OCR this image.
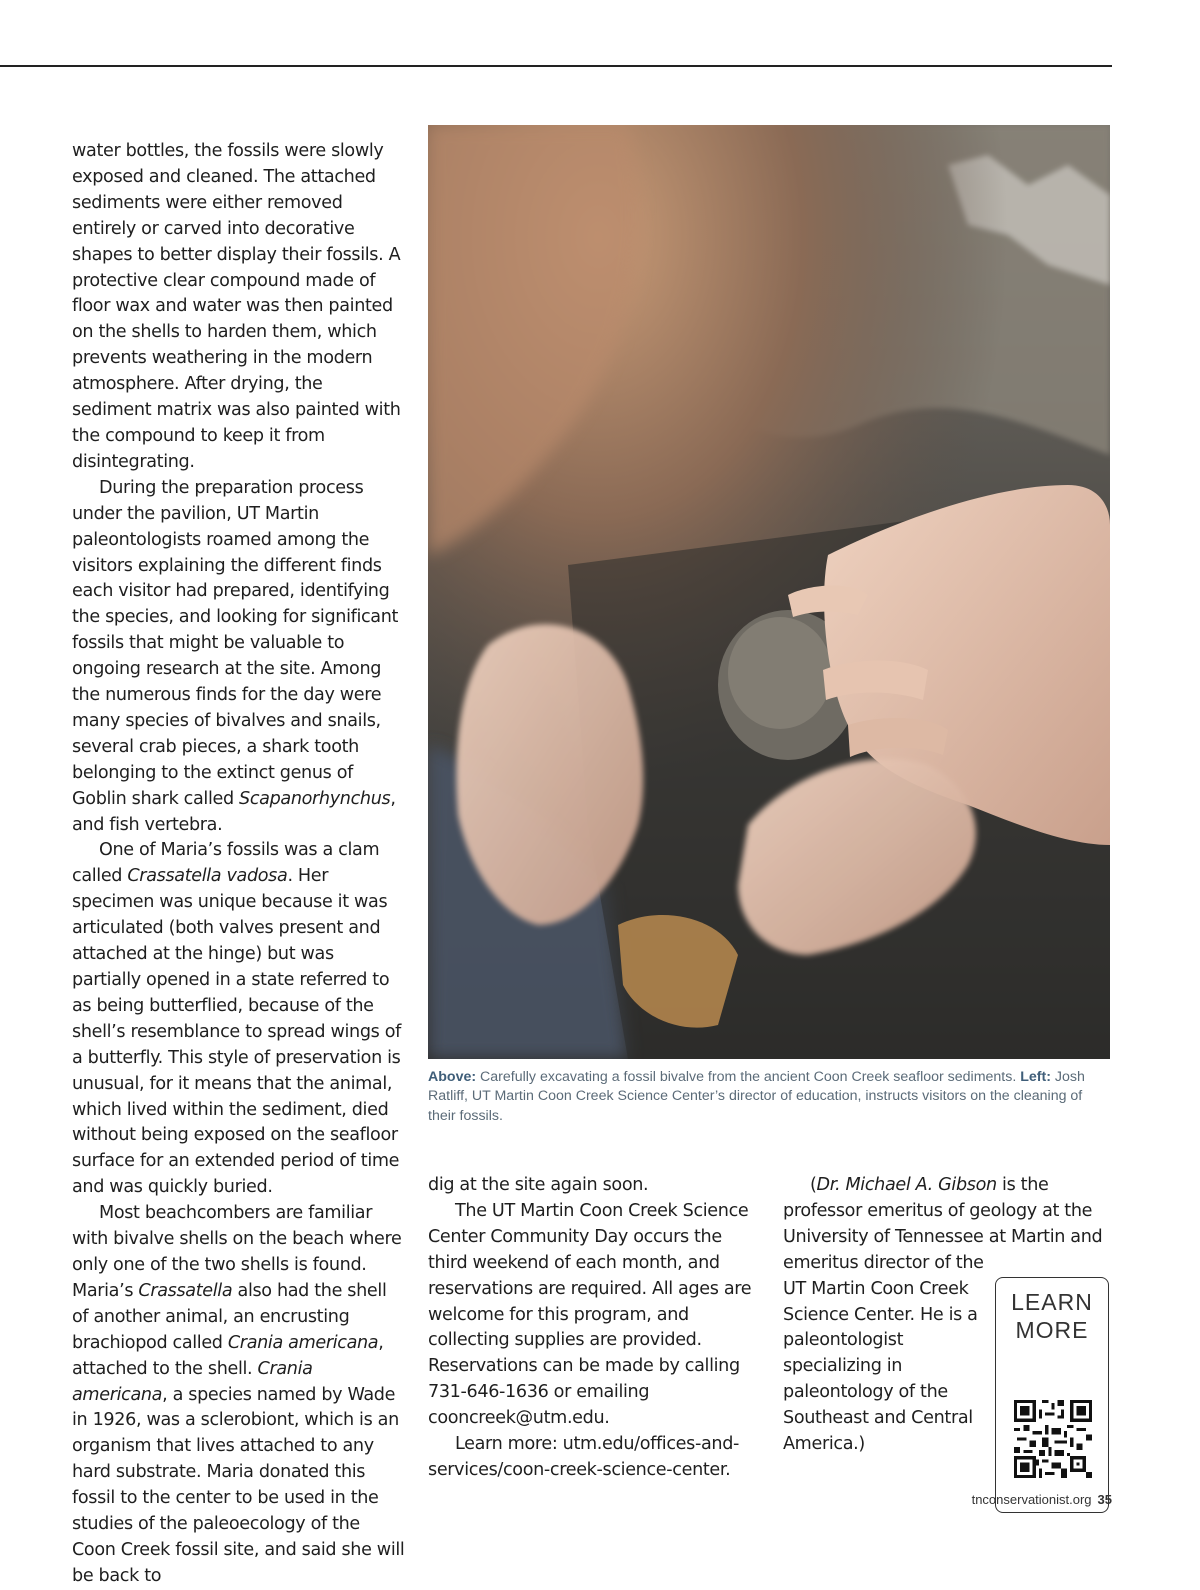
water bottles, the fossils were slowly exposed and cleaned. The attached sediments were either removed entirely or carved into decorative shapes to better display their fossils. A protective clear compound made of floor wax and water was then painted on the shells to harden them, which prevents weathering in the modern atmosphere. After drying, the sediment matrix was also painted with the compound to keep it from disintegrating.

During the preparation process under the pavilion, UT Martin paleontologists roamed among the visitors explaining the different finds each visitor had prepared, identifying the species, and looking for significant fossils that might be valuable to ongoing research at the site. Among the numerous finds for the day were many species of bivalves and snails, several crab pieces, a shark tooth belonging to the extinct genus of Goblin shark called Scapanorhynchus, and fish vertebra.

One of Maria’s fossils was a clam called Crassatella vadosa. Her specimen was unique because it was articulated (both valves present and attached at the hinge) but was partially opened in a state referred to as being butterflied, because of the shell’s resemblance to spread wings of a butterfly. This style of preservation is unusual, for it means that the animal, which lived within the sediment, died without being exposed on the seafloor surface for an extended period of time and was quickly buried.

Most beachcombers are familiar with bivalve shells on the beach where only one of the two shells is found. Maria’s Crassatella also had the shell of another animal, an encrusting brachiopod called Crania americana, attached to the shell. Crania americana, a species named by Wade in 1926, was a sclerobiont, which is an organism that lives attached to any hard substrate. Maria donated this fossil to the center to be used in the studies of the paleoecology of the Coon Creek fossil site, and said she will be back to

Above: Carefully excavating a fossil bivalve from the ancient Coon Creek seafloor sediments. Left: Josh Ratliff, UT Martin Coon Creek Science Center’s director of education, instructs visitors on the cleaning of their fossils.

dig at the site again soon.

The UT Martin Coon Creek Science Center Community Day occurs the third weekend of each month, and reservations are required. All ages are welcome for this program, and collecting supplies are provided. Reservations can be made by calling 731-646-1636 or emailing cooncreek@utm.edu.

Learn more: utm.edu/offices-and-services/coon-creek-science-center.

(Dr. Michael A. Gibson is the professor emeritus of geology at the University of Tennessee at Martin and

emeritus director of the UT Martin Coon Creek Science Center. He is a paleontologist specializing in paleontology of the Southeast and Central America.)

LEARN
MORE
tnconservationist.org 35
